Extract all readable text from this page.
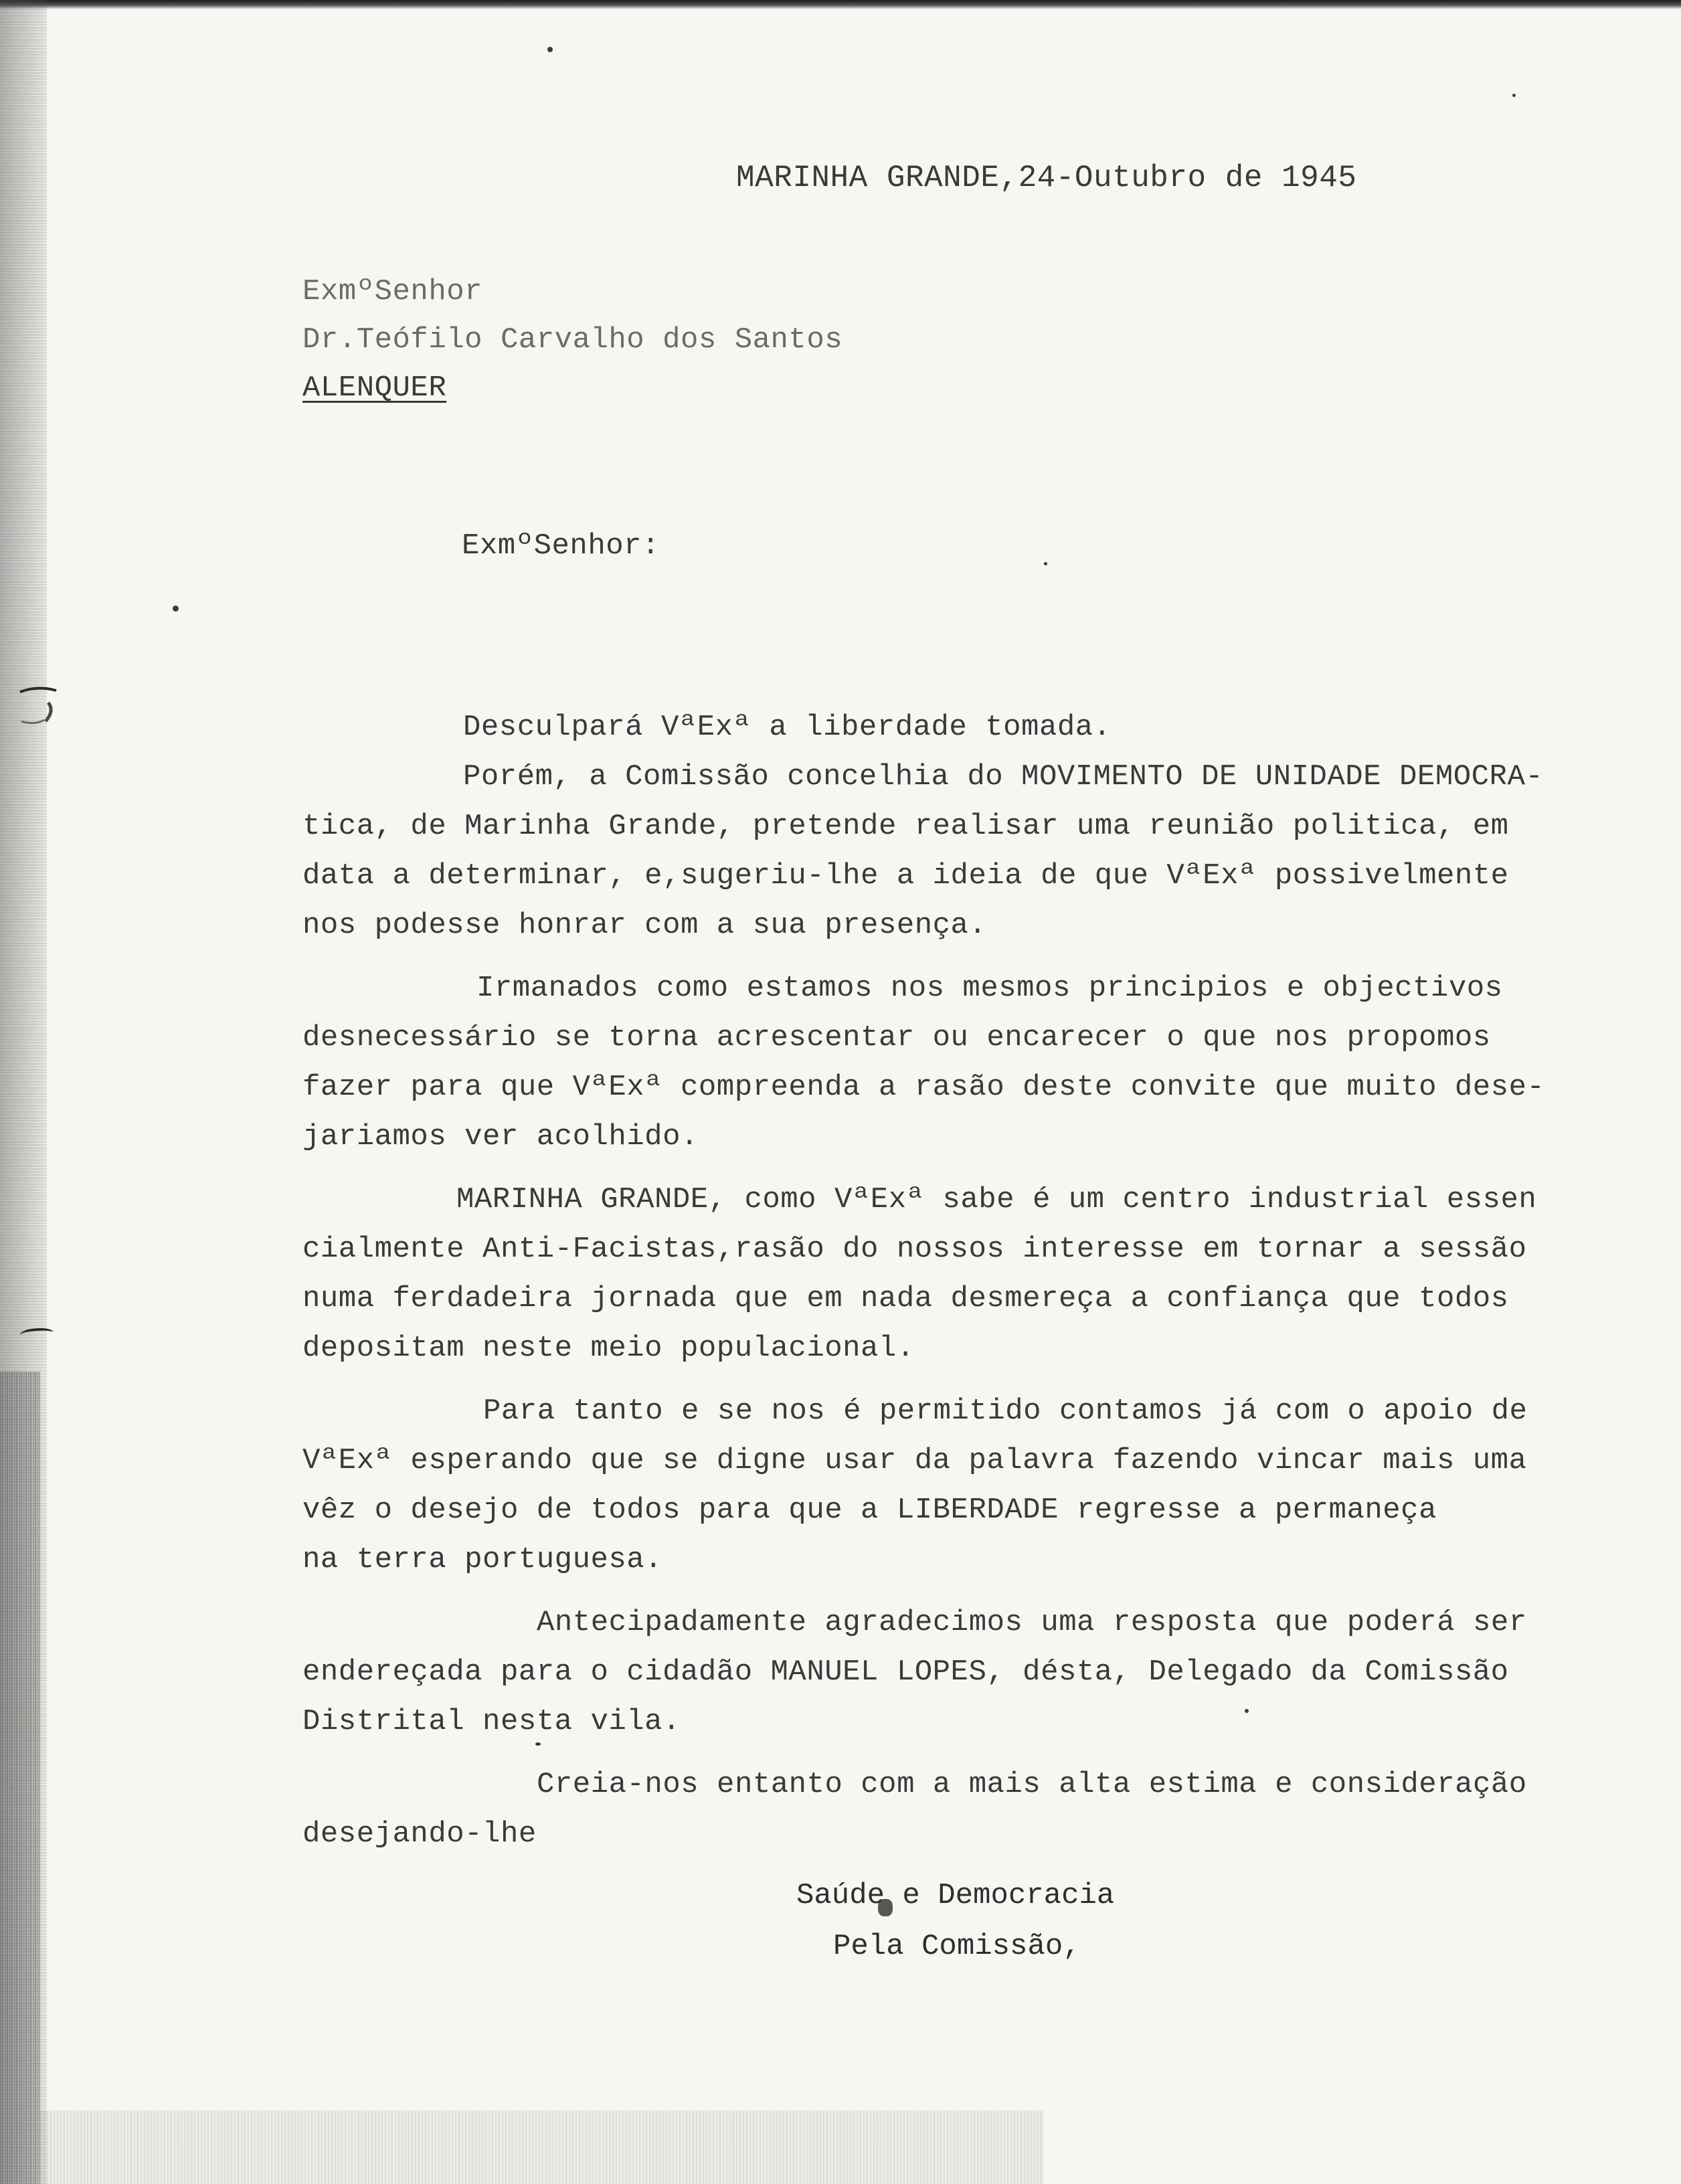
MARINHA GRANDE,24-Outubro de 1945
ExmºSenhor
Dr.Teófilo Carvalho dos Santos
ALENQUER
ExmºSenhor:
Desculpará VªExª a liberdade tomada.
Porém, a Comissão concelhia do MOVIMENTO DE UNIDADE DEMOCRA-
tica, de Marinha Grande, pretende realisar uma reunião politica, em
data a determinar, e,sugeriu-lhe a ideia de que VªExª possivelmente
nos podesse honrar com a sua presença.
Irmanados como estamos nos mesmos principios e objectivos
desnecessário se torna acrescentar ou encarecer o que nos propomos
fazer para que VªExª compreenda a rasão deste convite que muito dese-
jariamos ver acolhido.
MARINHA GRANDE, como VªExª sabe é um centro industrial essen
cialmente Anti-Facistas,rasão do nossos interesse em tornar a sessão
numa ferdadeira jornada que em nada desmereça a confiança que todos
depositam neste meio populacional.
Para tanto e se nos é permitido contamos já com o apoio de
VªExª esperando que se digne usar da palavra fazendo vincar mais uma
vêz o desejo de todos para que a LIBERDADE regresse a permaneça
na terra portuguesa.
Antecipadamente agradecimos uma resposta que poderá ser
endereçada para o cidadão MANUEL LOPES, désta, Delegado da Comissão
Distrital nesta vila.
Creia-nos entanto com a mais alta estima e consideração
desejando-lhe
Saúde e Democracia
Pela Comissão,
